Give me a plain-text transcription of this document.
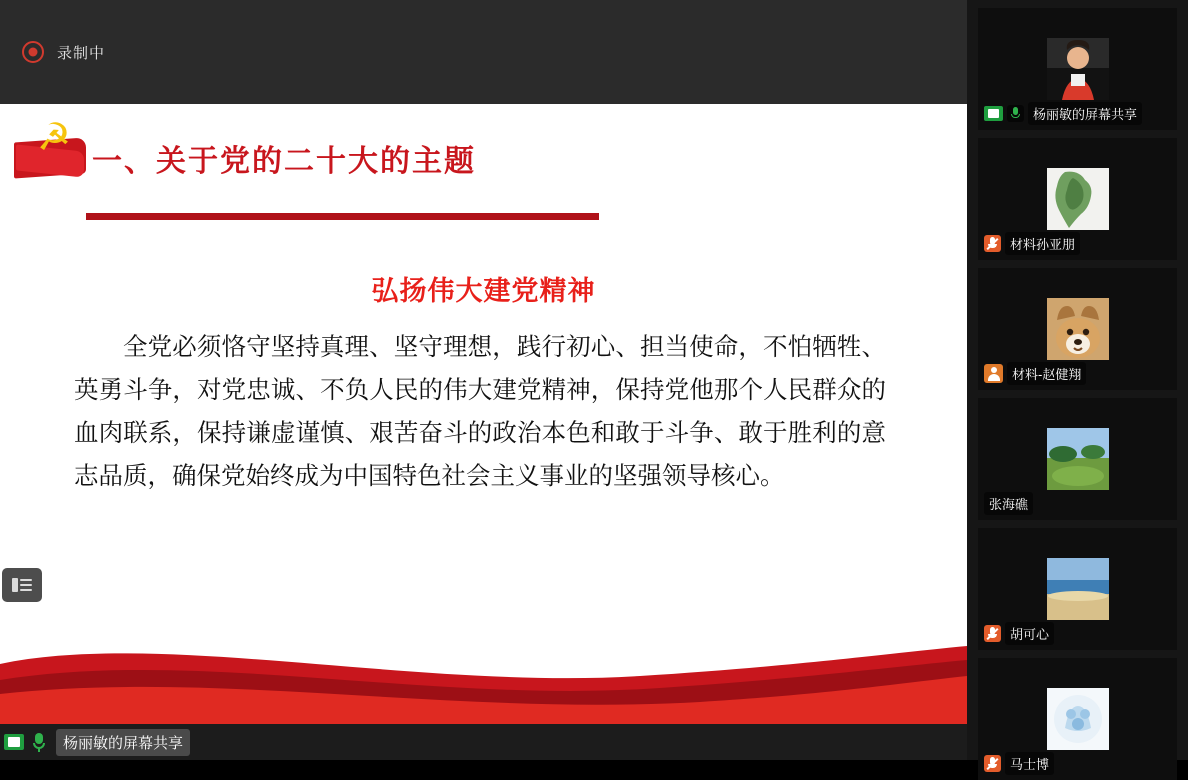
录制中
☭
一、关于党的二十大的主题
弘扬伟大建党精神
全党必须恪守坚持真理、坚守理想，践行初心、担当使命，不怕牺牲、英勇斗争，对党忠诚、不负人民的伟大建党精神，保持党他那个人民群众的血肉联系，保持谦虚谨慎、艰苦奋斗的政治本色和敢于斗争、敢于胜利的意志品质，确保党始终成为中国特色社会主义事业的坚强领导核心。
杨丽敏的屏幕共享
杨丽敏的屏幕共享
材料孙亚朋
材料-赵健翔
张海礁
胡可心
马士博
